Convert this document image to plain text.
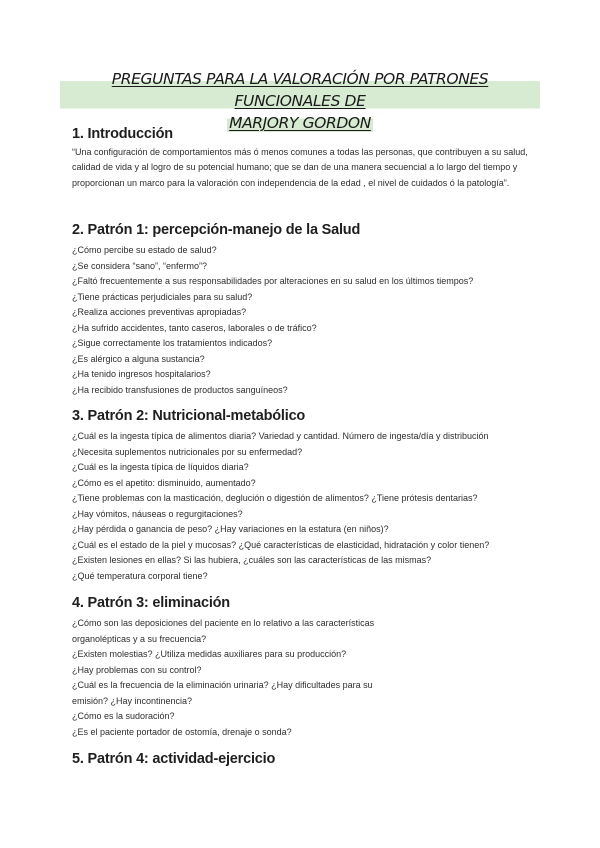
PREGUNTAS PARA LA VALORACIÓN POR PATRONES FUNCIONALES DE
MARJORY GORDON
1. Introducción
“Una configuración de comportamientos más ó menos comunes a todas las personas, que contribuyen a su salud, calidad de vida y al logro de su potencial humano; que se dan de una manera secuencial a lo largo del tiempo y proporcionan un marco para la valoración con independencia de la edad , el nivel de cuidados ó la patología”.
2. Patrón 1: percepción-manejo de la Salud
¿Cómo percibe su estado de salud?
¿Se considera “sano”, “enfermo”?
¿Faltó frecuentemente a sus responsabilidades por alteraciones en su salud en los últimos tiempos?
¿Tiene prácticas perjudiciales para su salud?
¿Realiza acciones preventivas apropiadas?
¿Ha sufrido accidentes, tanto caseros, laborales o de tráfico?
¿Sigue correctamente los tratamientos indicados?
¿Es alérgico a alguna sustancia?
¿Ha tenido ingresos hospitalarios?
¿Ha recibido transfusiones de productos sanguíneos?
3. Patrón 2: Nutricional-metabólico
¿Cuál es la ingesta típica de alimentos diaria? Variedad y cantidad. Número de ingesta/día y distribución
¿Necesita suplementos nutricionales por su enfermedad?
¿Cuál es la ingesta típica de líquidos diaria?
¿Cómo es el apetito: disminuido, aumentado?
¿Tiene problemas con la masticación, deglución o digestión de alimentos? ¿Tiene prótesis dentarias?
¿Hay vómitos, náuseas o regurgitaciones?
¿Hay pérdida o ganancia de peso? ¿Hay variaciones en la estatura (en niños)?
¿Cuál es el estado de la piel y mucosas? ¿Qué características de elasticidad, hidratación y color tienen?
¿Existen lesiones en ellas? Si las hubiera, ¿cuáles son las características de las mismas?
¿Qué temperatura corporal tiene?
4. Patrón 3: eliminación
¿Cómo son las deposiciones del paciente en lo relativo a las características organolépticas y a su frecuencia?
¿Existen molestias? ¿Utiliza medidas auxiliares para su producción?
¿Hay problemas con su control?
¿Cuál es la frecuencia de la eliminación urinaria? ¿Hay dificultades para su emisión? ¿Hay incontinencia?
¿Cómo es la sudoración?
¿Es el paciente portador de ostomía, drenaje o sonda?
5. Patrón 4: actividad-ejercicio
